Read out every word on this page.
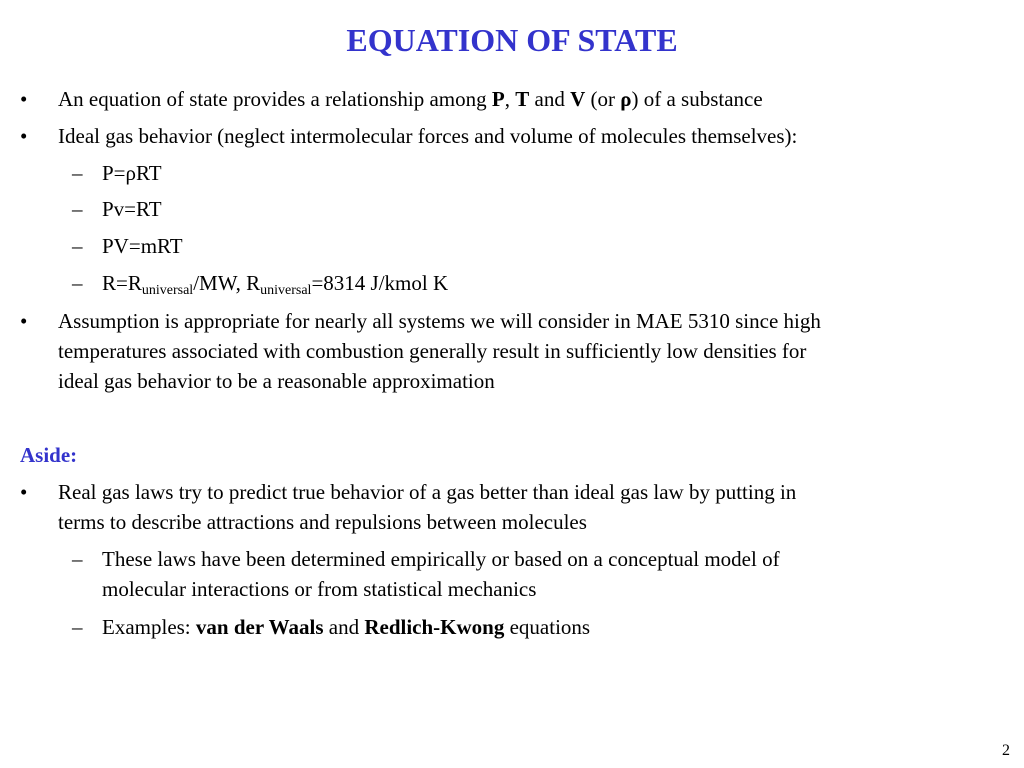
EQUATION OF STATE
• An equation of state provides a relationship among P, T and V (or ρ) of a substance
• Ideal gas behavior (neglect intermolecular forces and volume of molecules themselves):
– P=ρRT
– Pv=RT
– PV=mRT
– $R=R_{universal}/MW$, $R_{universal}=8314$ J/kmol K
• Assumption is appropriate for nearly all systems we will consider in MAE 5310 since high
temperatures associated with combustion generally result in sufficiently low densities for
ideal gas behavior to be a reasonable approximation
Aside:
• Real gas laws try to predict true behavior of a gas better than ideal gas law by putting in
terms to describe attractions and repulsions between molecules
– These laws have been determined empirically or based on a conceptual model of
molecular interactions or from statistical mechanics
– Examples: van der Waals and Redlich-Kwong equations
2
